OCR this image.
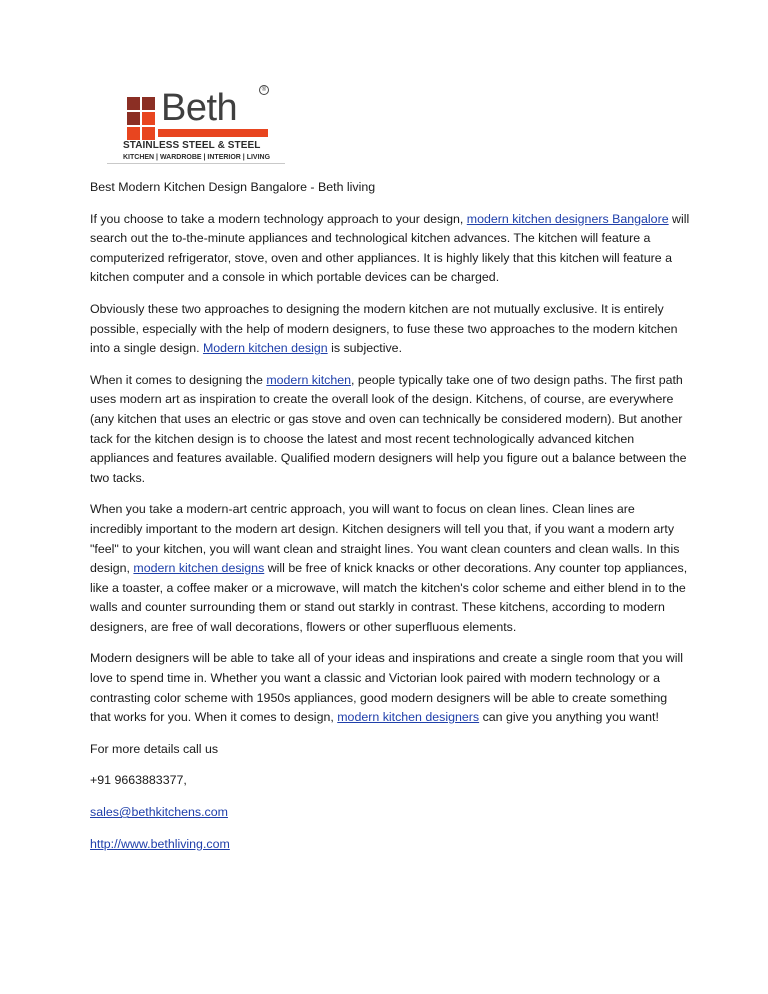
Beth	®
STAINLESS STEEL & STEEL
KITCHEN | WARDROBE | INTERIOR | LIVING

Best Modern Kitchen Design Bangalore - Beth living

If you choose to take a modern technology approach to your design, modern kitchen designers Bangalore will search out the to-the-minute appliances and technological kitchen advances. The kitchen will feature a computerized refrigerator, stove, oven and other appliances. It is highly likely that this kitchen will feature a kitchen computer and a console in which portable devices can be charged.

Obviously these two approaches to designing the modern kitchen are not mutually exclusive. It is entirely possible, especially with the help of modern designers, to fuse these two approaches to the modern kitchen into a single design. Modern kitchen design is subjective.

When it comes to designing the modern kitchen, people typically take one of two design paths. The first path uses modern art as inspiration to create the overall look of the design. Kitchens, of course, are everywhere (any kitchen that uses an electric or gas stove and oven can technically be considered modern). But another tack for the kitchen design is to choose the latest and most recent technologically advanced kitchen appliances and features available. Qualified modern designers will help you figure out a balance between the two tacks.

When you take a modern-art centric approach, you will want to focus on clean lines. Clean lines are incredibly important to the modern art design. Kitchen designers will tell you that, if you want a modern arty "feel" to your kitchen, you will want clean and straight lines. You want clean counters and clean walls. In this design, modern kitchen designs will be free of knick knacks or other decorations. Any counter top appliances, like a toaster, a coffee maker or a microwave, will match the kitchen's color scheme and either blend in to the walls and counter surrounding them or stand out starkly in contrast. These kitchens, according to modern designers, are free of wall decorations, flowers or other superfluous elements.

Modern designers will be able to take all of your ideas and inspirations and create a single room that you will love to spend time in. Whether you want a classic and Victorian look paired with modern technology or a contrasting color scheme with 1950s appliances, good modern designers will be able to create something that works for you. When it comes to design, modern kitchen designers can give you anything you want!

For more details call us

+91 9663883377,

sales@bethkitchens.com

http://www.bethliving.com
